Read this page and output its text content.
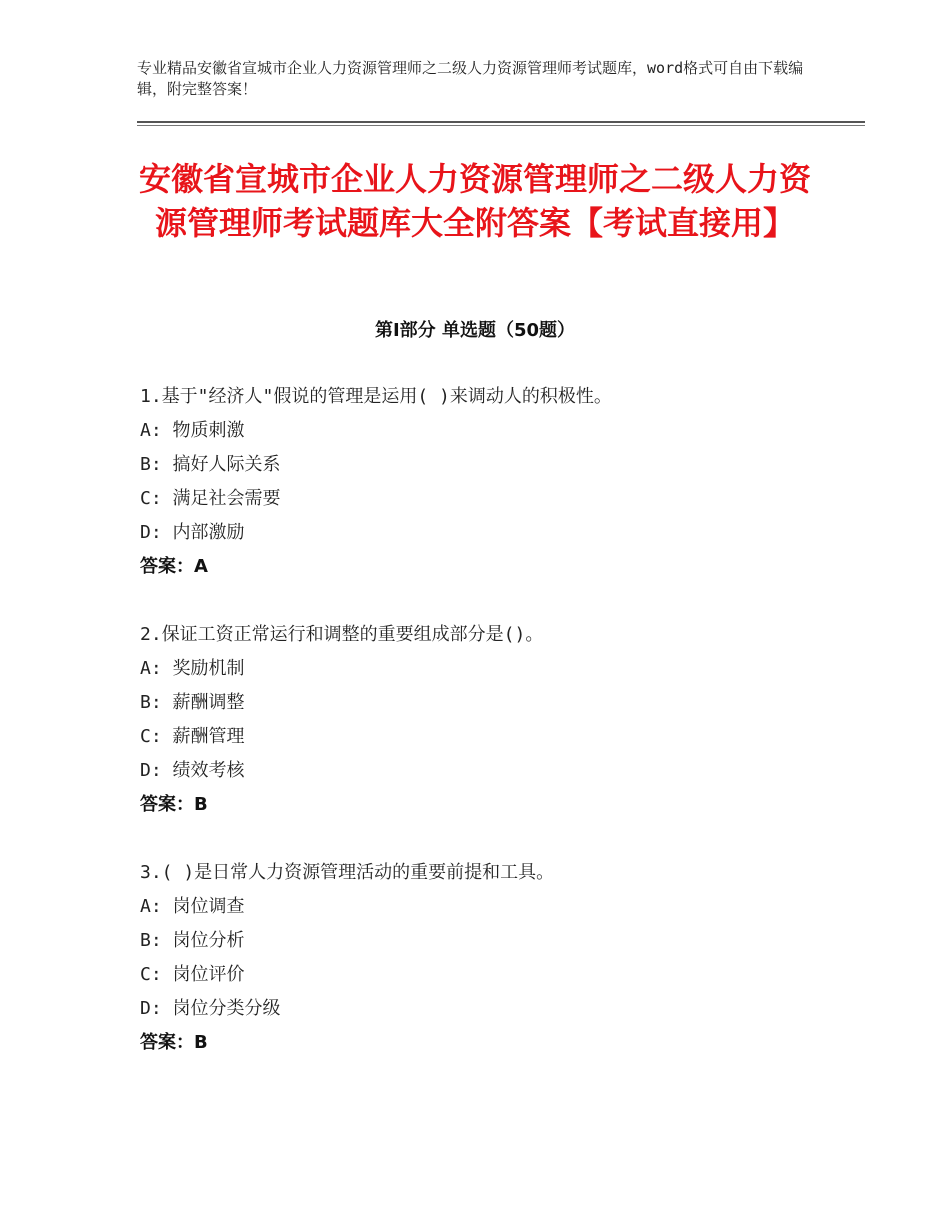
专业精品安徽省宣城市企业人力资源管理师之二级人力资源管理师考试题库，word格式可自由下载编辑，附完整答案！
安徽省宣城市企业人力资源管理师之二级人力资源管理师考试题库大全附答案【考试直接用】
第Ⅰ部分 单选题（50题）
1.基于"经济人"假说的管理是运用( )来调动人的积极性。
A: 物质刺激
B: 搞好人际关系
C: 满足社会需要
D: 内部激励
答案：A
2.保证工资正常运行和调整的重要组成部分是()。
A: 奖励机制
B: 薪酬调整
C: 薪酬管理
D: 绩效考核
答案：B
3.( )是日常人力资源管理活动的重要前提和工具。
A: 岗位调查
B: 岗位分析
C: 岗位评价
D: 岗位分类分级
答案：B
